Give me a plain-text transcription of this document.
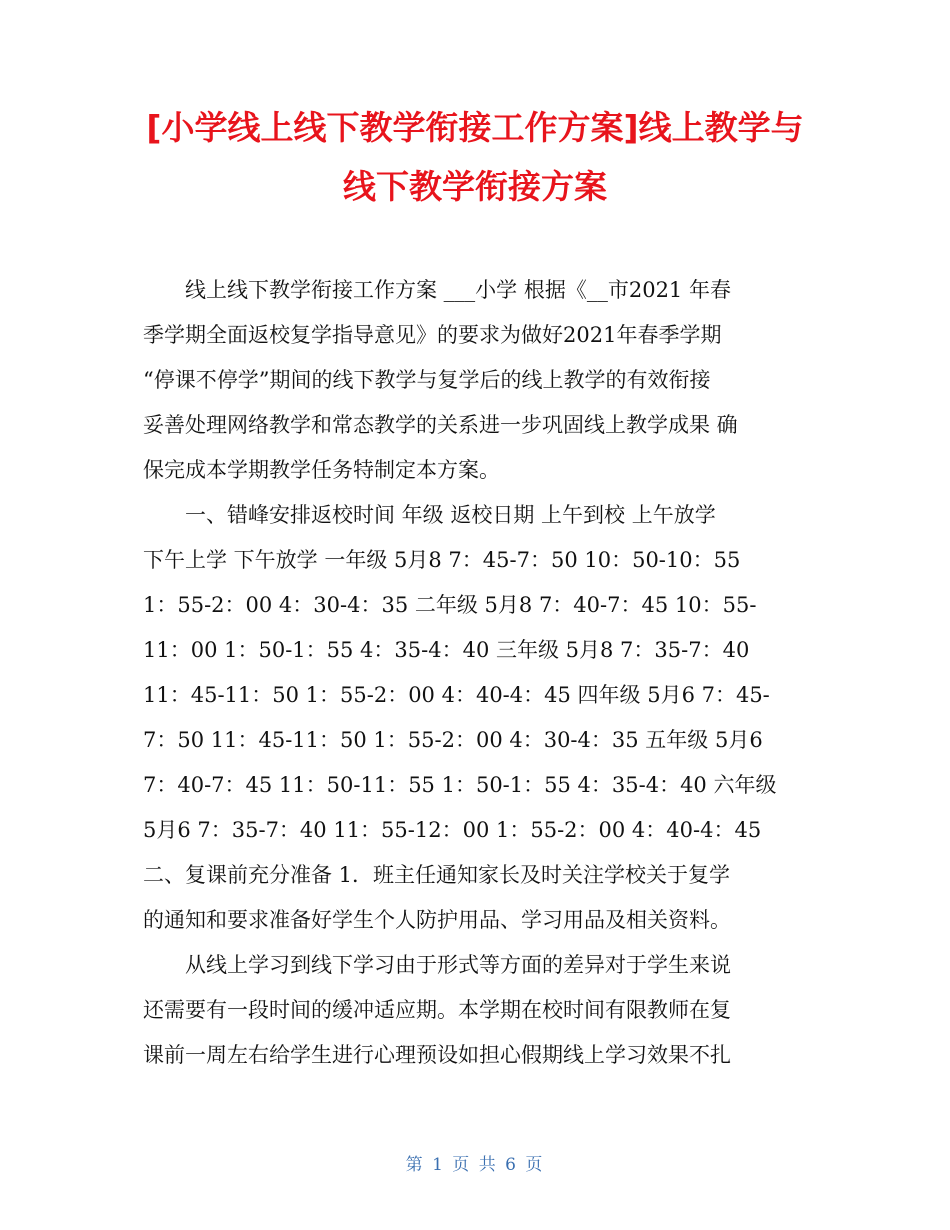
[小学线上线下教学衔接工作方案]线上教学与
线下教学衔接方案
线上线下教学衔接工作方案 ___小学 根据《__市2021 年春
季学期全面返校复学指导意见》的要求为做好2021年春季学期
“停课不停学”期间的线下教学与复学后的线上教学的有效衔接
妥善处理网络教学和常态教学的关系进一步巩固线上教学成果 确
保完成本学期教学任务特制定本方案。
一、错峰安排返校时间 年级 返校日期 上午到校 上午放学
下午上学 下午放学 一年级 5月8 7：45-7：50 10：50-10：55
1：55-2：00 4：30-4：35 二年级 5月8 7：40-7：45 10：55-
11：00 1：50-1：55 4：35-4：40 三年级 5月8 7：35-7：40
11：45-11：50 1：55-2：00 4：40-4：45 四年级 5月6 7：45-
7：50 11：45-11：50 1：55-2：00 4：30-4：35 五年级 5月6
7：40-7：45 11：50-11：55 1：50-1：55 4：35-4：40 六年级
5月6 7：35-7：40 11：55-12：00 1：55-2：00 4：40-4：45
二、复课前充分准备 1．班主任通知家长及时关注学校关于复学
的通知和要求准备好学生个人防护用品、学习用品及相关资料。
从线上学习到线下学习由于形式等方面的差异对于学生来说
还需要有一段时间的缓冲适应期。本学期在校时间有限教师在复
课前一周左右给学生进行心理预设如担心假期线上学习效果不扎
第 1 页 共 6 页
